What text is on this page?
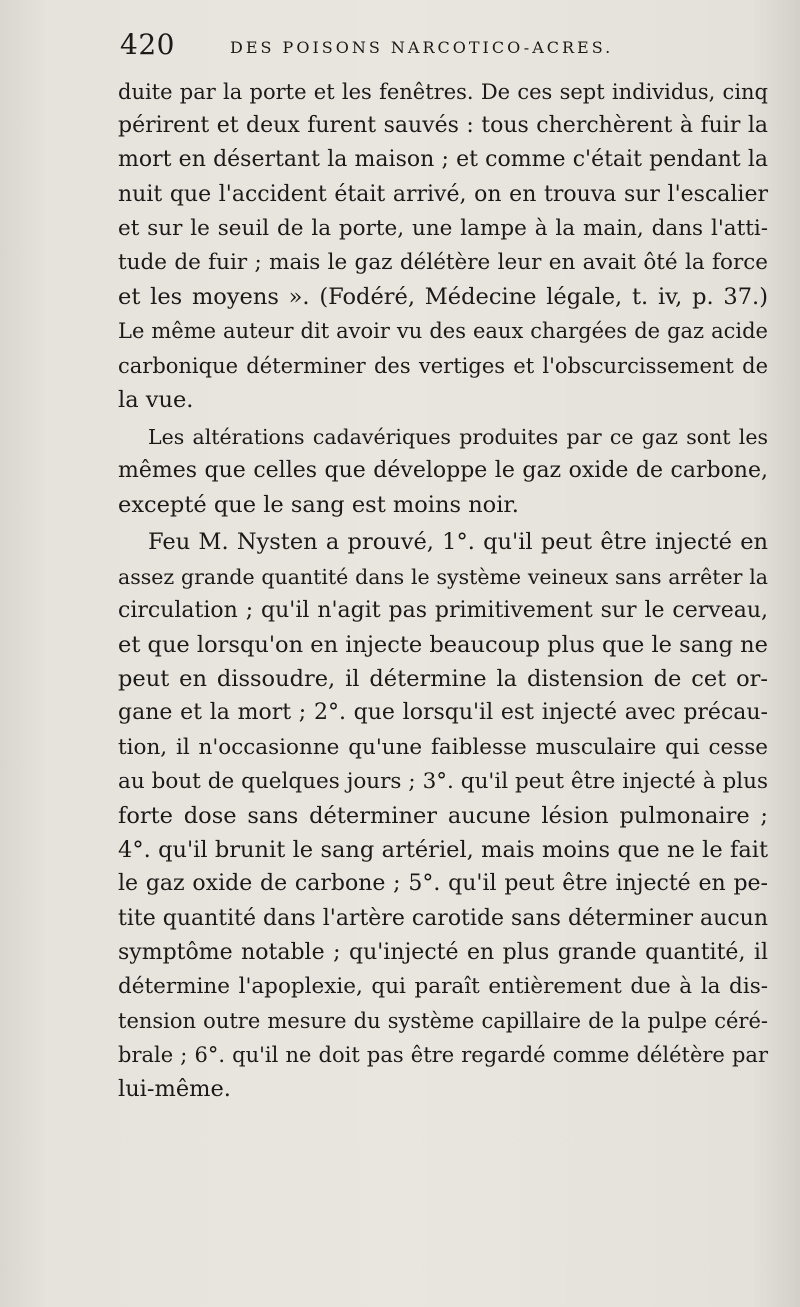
420	DES POISONS NARCOTICO-ACRES.
duite par la porte et les fenêtres. De ces sept individus, cinq
périrent et deux furent sauvés : tous cherchèrent à fuir la
mort en désertant la maison ; et comme c'était pendant la
nuit que l'accident était arrivé, on en trouva sur l'escalier
et sur le seuil de la porte, une lampe à la main, dans l'atti-
tude de fuir ; mais le gaz délétère leur en avait ôté la force
et les moyens ». (Fodéré, Médecine légale, t. iv, p. 37.)
Le même auteur dit avoir vu des eaux chargées de gaz acide
carbonique déterminer des vertiges et l'obscurcissement de
la vue.
Les altérations cadavériques produites par ce gaz sont les
mêmes que celles que développe le gaz oxide de carbone,
excepté que le sang est moins noir.
Feu M. Nysten a prouvé, 1°. qu'il peut être injecté en
assez grande quantité dans le système veineux sans arrêter la
circulation ; qu'il n'agit pas primitivement sur le cerveau,
et que lorsqu'on en injecte beaucoup plus que le sang ne
peut en dissoudre, il détermine la distension de cet or-
gane et la mort ; 2°. que lorsqu'il est injecté avec précau-
tion, il n'occasionne qu'une faiblesse musculaire qui cesse
au bout de quelques jours ; 3°. qu'il peut être injecté à plus
forte dose sans déterminer aucune lésion pulmonaire ;
4°. qu'il brunit le sang artériel, mais moins que ne le fait
le gaz oxide de carbone ; 5°. qu'il peut être injecté en pe-
tite quantité dans l'artère carotide sans déterminer aucun
symptôme notable ; qu'injecté en plus grande quantité, il
détermine l'apoplexie, qui paraît entièrement due à la dis-
tension outre mesure du système capillaire de la pulpe céré-
brale ; 6°. qu'il ne doit pas être regardé comme délétère par
lui-même.
